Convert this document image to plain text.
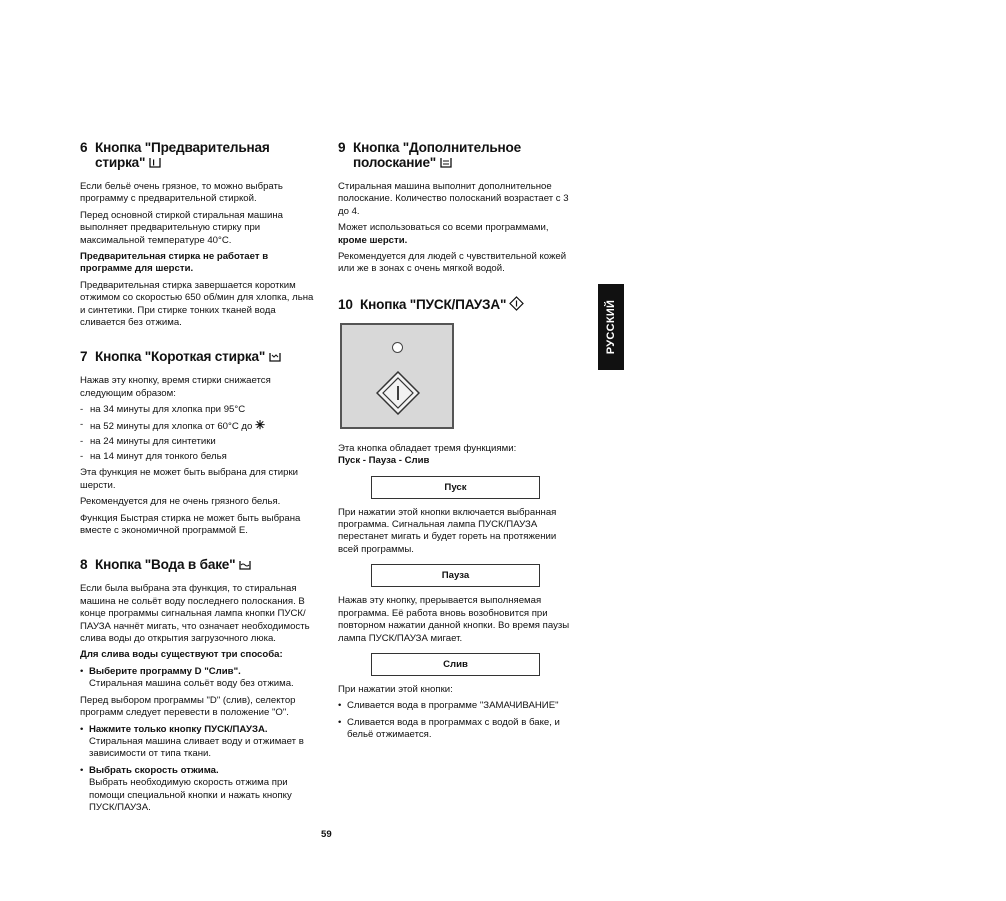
6 Кнопка "Предварительная
стирка" I

Если бельё очень грязное, то можно выбрать программу с предварительной стиркой.

Перед основной стиркой стиральная машина выполняет предварительную стирку при максимальной температуре 40°C.

Предварительная стирка не работает в программе для шерсти.

Предварительная стирка завершается коротким отжимом со скоростью 650 об/мин для хлопка, льна и синтетики. При стирке тонких тканей вода сливается без отжима.

7 Кнопка "Короткая стирка"

Нажав эту кнопку, время стирки снижается следующим образом:

- на 34 минуты для хлопка при 95°C
- на 52 минуты для хлопка от 60°C до ✳
- на 24 минуты для синтетики
- на 14 минут для тонкого белья

Эта функция не может быть выбрана для стирки шерсти.

Рекомендуется для не очень грязного белья.

Функция Быстрая стирка не может быть выбрана вместе с экономичной программой E.

8 Кнопка "Вода в баке"

Если была выбрана эта функция, то стиральная машина не сольёт воду последнего полоскания. В конце программы сигнальная лампа кнопки ПУСК/ПАУЗА начнёт мигать, что означает необходимость слива воды до открытия загрузочного люка.

Для слива воды существуют три способа:

• Выберите программу D "Слив".
Стиральная машина сольёт воду без отжима.

Перед выбором программы "D" (слив), селектор программ следует перевести в положение "O".

• Нажмите только кнопку ПУСК/ПАУЗА.
Стиральная машина сливает воду и отжимает в зависимости от типа ткани.
• Выбрать скорость отжима.
Выбрать необходимую скорость отжима при помощи специальной кнопки и нажать кнопку ПУСК/ПАУЗА.
9 Кнопка "Дополнительное
полоскание"

Стиральная машина выполнит дополнительное полоскание. Количество полосканий возрастает с 3 до 4.

Может использоваться со всеми программами, кроме шерсти.

Рекомендуется для людей с чувствительной кожей или же в зонах с очень мягкой водой.

10 Кнопка "ПУСК/ПАУЗА"

Эта кнопка обладает тремя функциями:

Пуск - Пауза - Слив

Пуск

При нажатии этой кнопки включается выбранная программа. Сигнальная лампа ПУСК/ПАУЗА перестанет мигать и будет гореть на протяжении всей программы.

Пауза

Нажав эту кнопку, прерывается выполняемая программа. Её работа вновь возобновится при повторном нажатии данной кнопки. Во время паузы лампа ПУСК/ПАУЗА мигает.

Слив

При нажатии этой кнопки:

• Сливается вода в программе "ЗАМАЧИВАНИЕ"
• Сливается вода в программах с водой в баке, и бельё отжимается.
РУССКИЙ
59
